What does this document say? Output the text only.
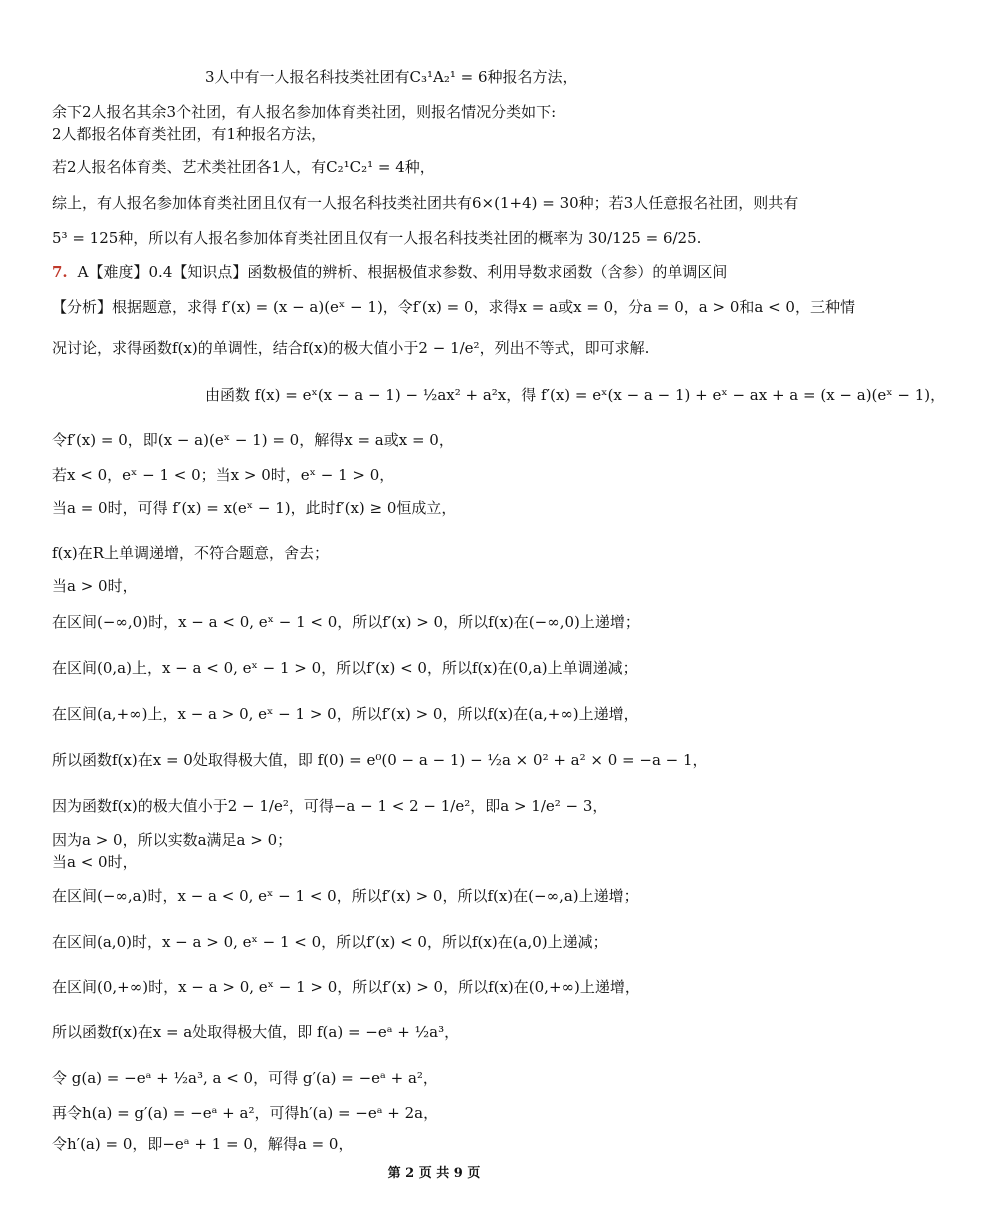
3人中有一人报名科技类社团有C₃¹A₂¹ = 6种报名方法，
余下2人报名其余3个社团，有人报名参加体育类社团，则报名情况分类如下:
2人都报名体育类社团，有1种报名方法，
若2人报名体育类、艺术类社团各1人，有C₂¹C₂¹ = 4种，
综上，有人报名参加体育类社团且仅有一人报名科技类社团共有6×(1+4) = 30种；若3人任意报名社团，则共有
5³ = 125种，所以有人报名参加体育类社团且仅有一人报名科技类社团的概率为 30/125 = 6/25.
7. A【难度】0.4【知识点】函数极值的辨析、根据极值求参数、利用导数求函数（含参）的单调区间
【分析】根据题意，求得 f′(x) = (x − a)(eˣ − 1)，令f′(x) = 0，求得x = a或x = 0，分a = 0，a > 0和a < 0，三种情
况讨论，求得函数f(x)的单调性，结合f(x)的极大值小于2 − 1/e²，列出不等式，即可求解.
由函数 f(x) = eˣ(x − a − 1) − ½ax² + a²x，得 f′(x) = eˣ(x − a − 1) + eˣ − ax + a = (x − a)(eˣ − 1)，
令f′(x) = 0，即(x − a)(eˣ − 1) = 0，解得x = a或x = 0，
若x < 0，eˣ − 1 < 0；当x > 0时，eˣ − 1 > 0，
当a = 0时，可得 f′(x) = x(eˣ − 1)，此时f′(x) ≥ 0恒成立，
f(x)在R上单调递增，不符合题意，舍去；
当a > 0时，
在区间(−∞,0)时，x − a < 0, eˣ − 1 < 0，所以f′(x) > 0，所以f(x)在(−∞,0)上递增；
在区间(0,a)上，x − a < 0, eˣ − 1 > 0，所以f′(x) < 0，所以f(x)在(0,a)上单调递减；
在区间(a,+∞)上，x − a > 0, eˣ − 1 > 0，所以f′(x) > 0，所以f(x)在(a,+∞)上递增，
所以函数f(x)在x = 0处取得极大值，即 f(0) = e⁰(0 − a − 1) − ½a × 0² + a² × 0 = −a − 1，
因为函数f(x)的极大值小于2 − 1/e²，可得−a − 1 < 2 − 1/e²，即a > 1/e² − 3，
因为a > 0，所以实数a满足a > 0；
当a < 0时，
在区间(−∞,a)时，x − a < 0, eˣ − 1 < 0，所以f′(x) > 0，所以f(x)在(−∞,a)上递增；
在区间(a,0)时，x − a > 0, eˣ − 1 < 0，所以f′(x) < 0，所以f(x)在(a,0)上递减；
在区间(0,+∞)时，x − a > 0, eˣ − 1 > 0，所以f′(x) > 0，所以f(x)在(0,+∞)上递增，
所以函数f(x)在x = a处取得极大值，即 f(a) = −eᵃ + ½a³，
令 g(a) = −eᵃ + ½a³, a < 0，可得 g′(a) = −eᵃ + a²，
再令h(a) = g′(a) = −eᵃ + a²，可得h′(a) = −eᵃ + 2a，
令h′(a) = 0，即−eᵃ + 1 = 0，解得a = 0，
第 2 页 共 9 页
